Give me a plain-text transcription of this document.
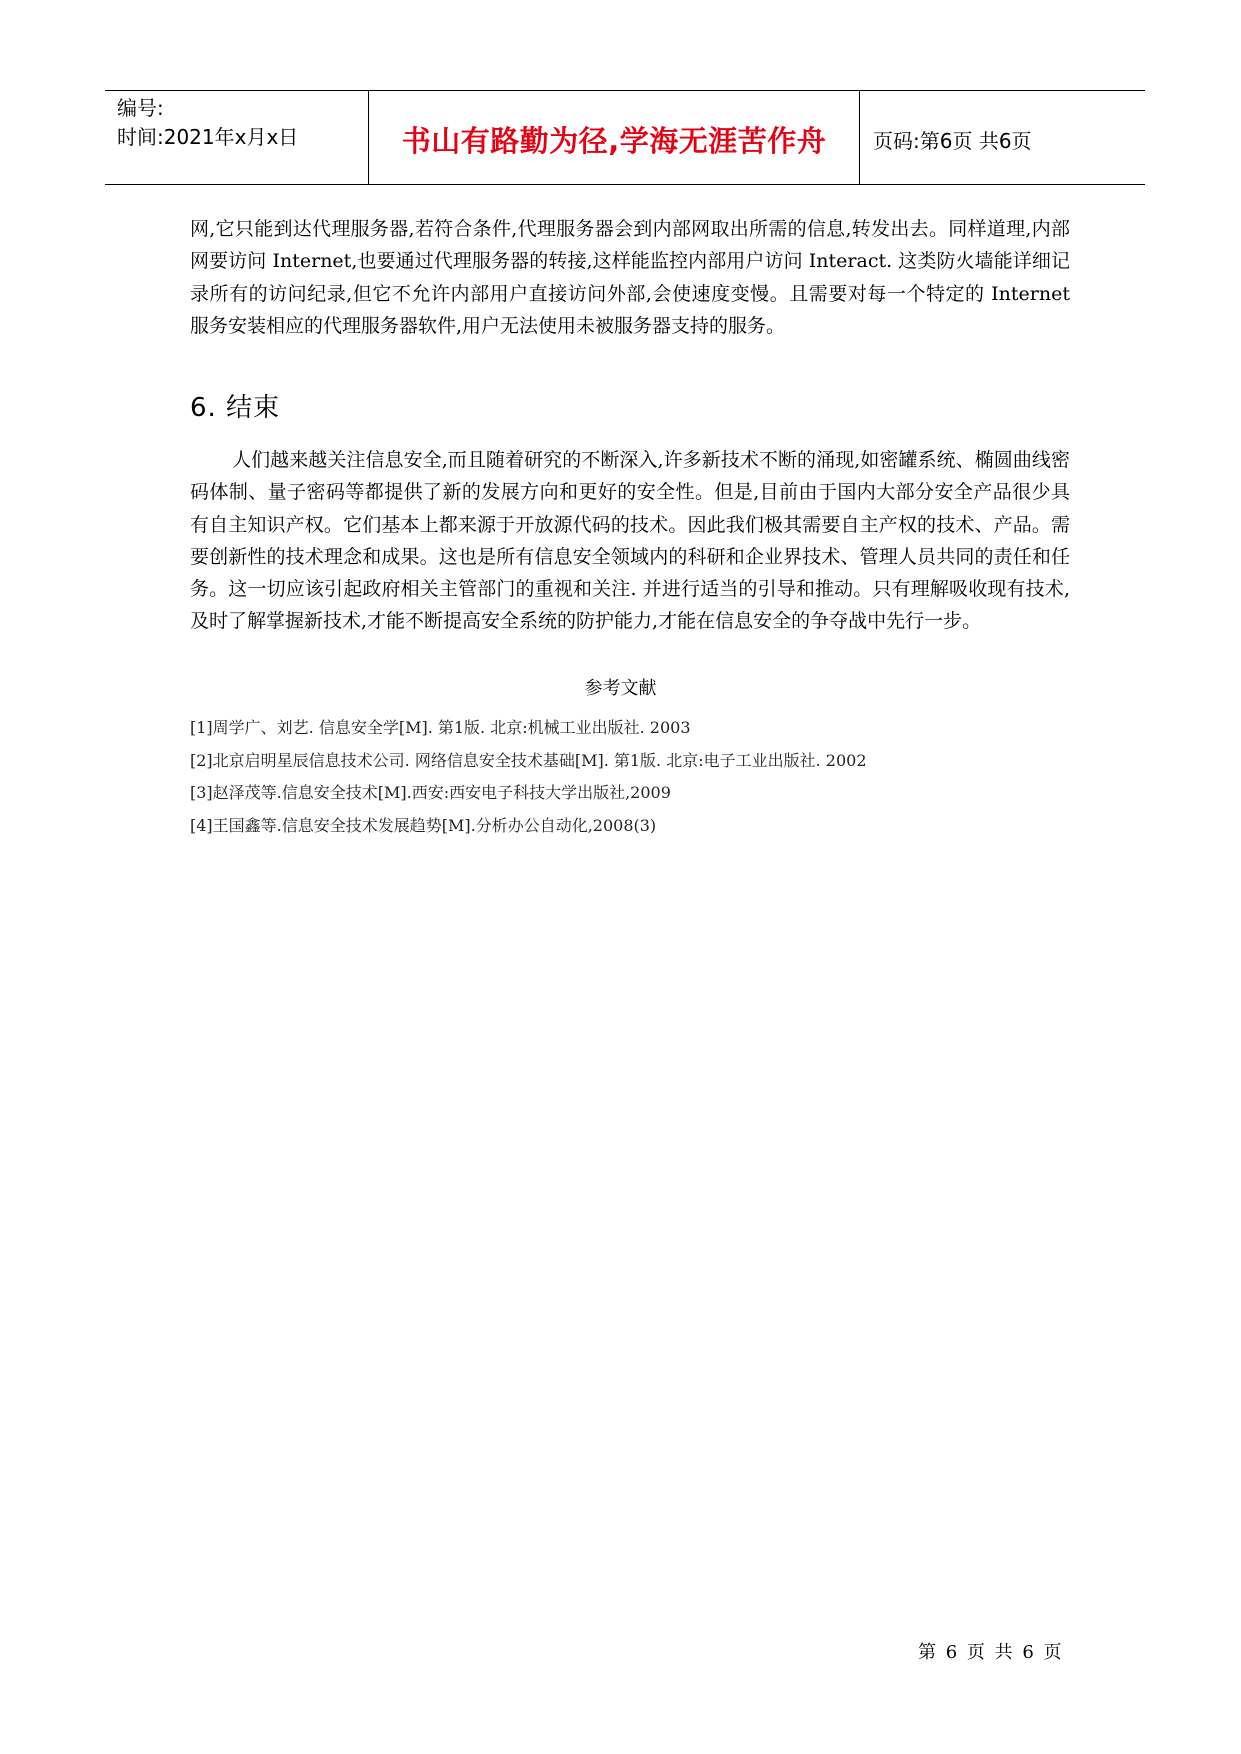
编号:
时间:2021年x月x日	书山有路勤为径,学海无涯苦作舟	页码:第6页 共6页
网,它只能到达代理服务器,若符合条件,代理服务器会到内部网取出所需的信息,转发出去。同样道理,内部网要访问 Internet,也要通过代理服务器的转接,这样能监控内部用户访问 Interact. 这类防火墙能详细记录所有的访问纪录,但它不允许内部用户直接访问外部,会使速度变慢。且需要对每一个特定的 Internet 服务安装相应的代理服务器软件,用户无法使用未被服务器支持的服务。
6. 结束
人们越来越关注信息安全,而且随着研究的不断深入,许多新技术不断的涌现,如密罐系统、椭圆曲线密码体制、量子密码等都提供了新的发展方向和更好的安全性。但是,目前由于国内大部分安全产品很少具有自主知识产权。它们基本上都来源于开放源代码的技术。因此我们极其需要自主产权的技术、产品。需要创新性的技术理念和成果。这也是所有信息安全领域内的科研和企业界技术、管理人员共同的责任和任务。这一切应该引起政府相关主管部门的重视和关注. 并进行适当的引导和推动。只有理解吸收现有技术,及时了解掌握新技术,才能不断提高安全系统的防护能力,才能在信息安全的争夺战中先行一步。
参考文献
[1]周学广、刘艺. 信息安全学[M]. 第1版. 北京:机械工业出版社. 2003
[2]北京启明星辰信息技术公司. 网络信息安全技术基础[M]. 第1版. 北京:电子工业出版社. 2002
[3]赵泽茂等.信息安全技术[M].西安:西安电子科技大学出版社,2009
[4]王国鑫等.信息安全技术发展趋势[M].分析办公自动化,2008(3)
第 6 页 共 6 页
